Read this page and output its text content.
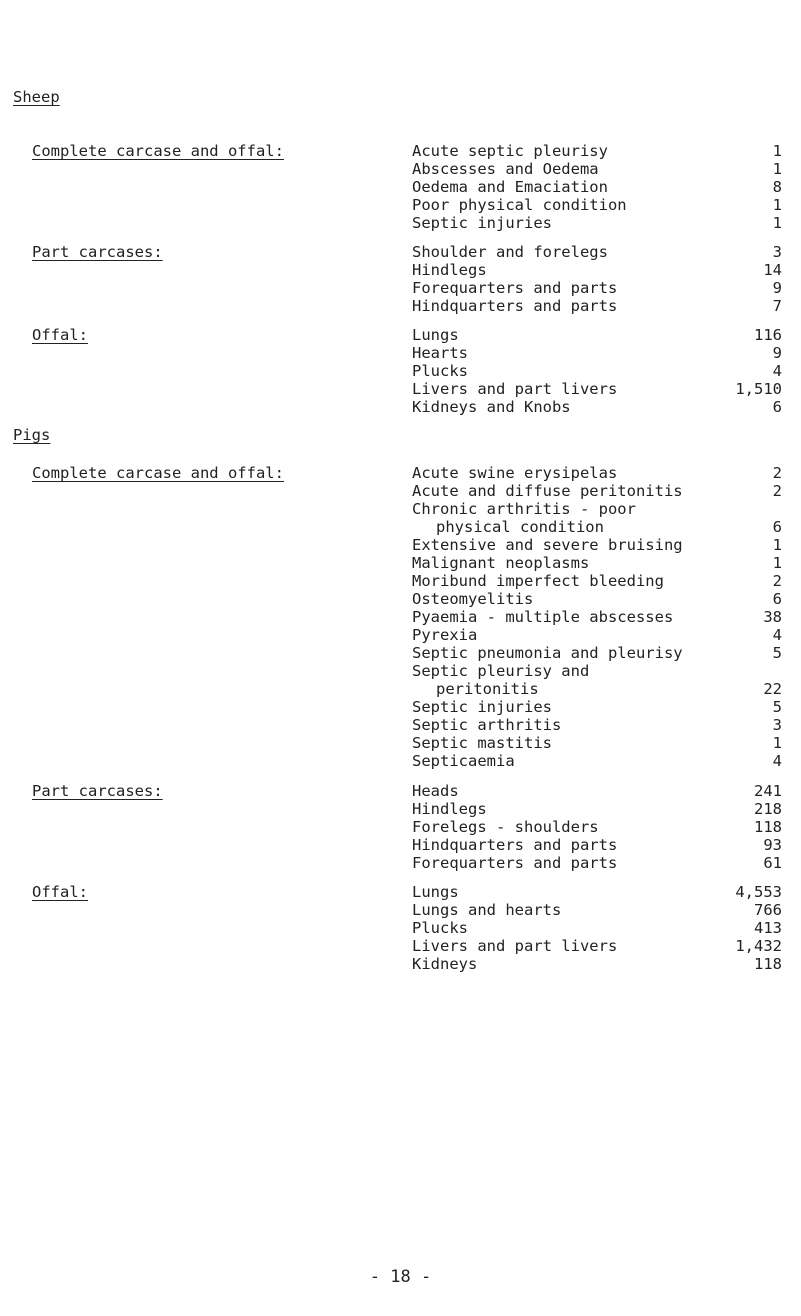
Sheep
Complete carcase and offal:	Acute septic pleurisy	1
Abscesses and Oedema	1
Oedema and Emaciation	8
Poor physical condition	1
Septic injuries	1
Part carcases:	Shoulder and forelegs	3
Hindlegs	14
Forequarters and parts	9
Hindquarters and parts	7
Offal:	Lungs	116
Hearts	9
Plucks	4
Livers and part livers	1,510
Kidneys and Knobs	6
Pigs
Complete carcase and offal:	Acute swine erysipelas	2
Acute and diffuse peritonitis	2
Chronic arthritis - poor
physical condition	6
Extensive and severe bruising	1
Malignant neoplasms	1
Moribund imperfect bleeding	2
Osteomyelitis	6
Pyaemia - multiple abscesses	38
Pyrexia	4
Septic pneumonia and pleurisy	5
Septic pleurisy and
peritonitis	22
Septic injuries	5
Septic arthritis	3
Septic mastitis	1
Septicaemia	4
Part carcases:	Heads	241
Hindlegs	218
Forelegs - shoulders	118
Hindquarters and parts	93
Forequarters and parts	61
Offal:	Lungs	4,553
Lungs and hearts	766
Plucks	413
Livers and part livers	1,432
Kidneys	118
- 18 -
